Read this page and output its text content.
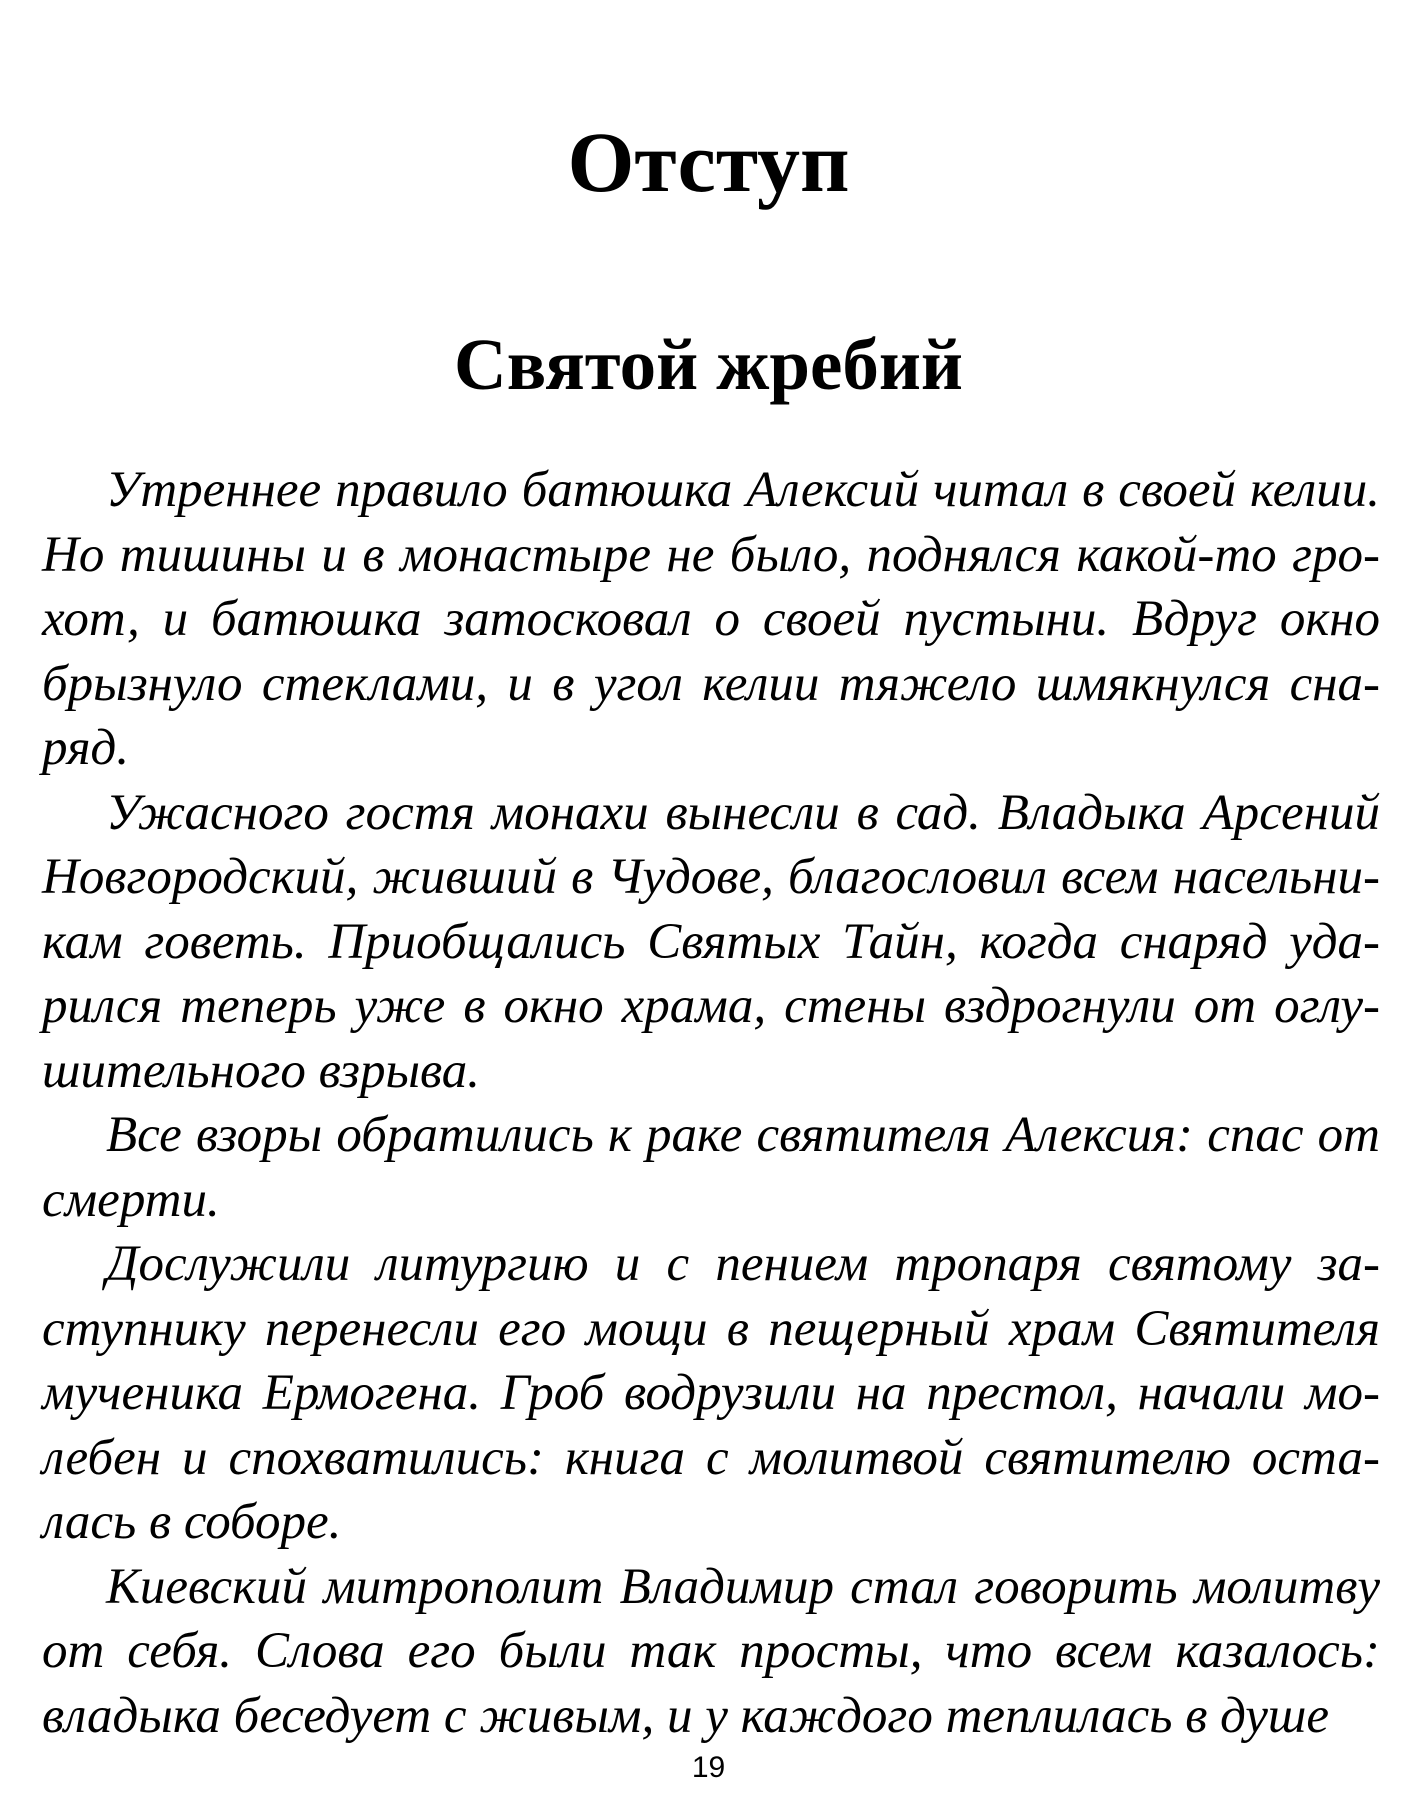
Отступ
Святой жребий

Утреннее правило батюшка Алексий читал в своей келии. Но тишины и в монастыре не было, поднялся какой-то грохот, и батюшка затосковал о своей пустыни. Вдруг окно брызнуло стеклами, и в угол келии тяжело шмякнулся снаряд.

Ужасного гостя монахи вынесли в сад. Владыка Арсений Новгородский, живший в Чудове, благословил всем насельникам говеть. Приобщались Святых Тайн, когда снаряд ударился теперь уже в окно храма, стены вздрогнули от оглушительного взрыва.

Все взоры обратились к раке святителя Алексия: спас от смерти.

Дослужили литургию и с пением тропаря святому заступнику перенесли его мощи в пещерный храм Святителя мученика Ермогена. Гроб водрузили на престол, начали молебен и спохватились: книга с молитвой святителю осталась в соборе.

Киевский митрополит Владимир стал говорить молитву от себя. Слова его были так просты, что всем казалось: владыка беседует с живым, и у каждого теплилась в душе

19
